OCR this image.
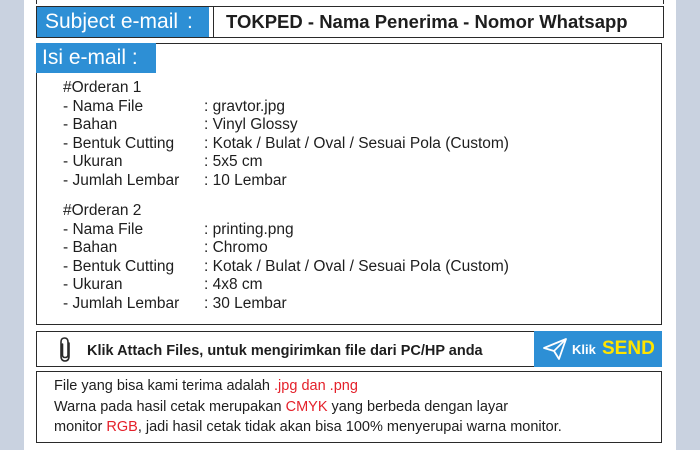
Subject e-mail :	TOKPED - Nama Penerima - Nomor Whatsapp
Isi e-mail :
#Orderan 1
- Nama File	: gravtor.jpg
- Bahan	: Vinyl Glossy
- Bentuk Cutting : Kotak / Bulat / Oval / Sesuai Pola (Custom)
- Ukuran	: 5x5 cm
- Jumlah Lembar : 10 Lembar
#Orderan 2
- Nama File	: printing.png
- Bahan	: Chromo
- Bentuk Cutting : Kotak / Bulat / Oval / Sesuai Pola (Custom)
- Ukuran	: 4x8 cm
- Jumlah Lembar : 30 Lembar
Klik Attach Files, untuk mengirimkan file dari PC/HP anda	Klik SEND
File yang bisa kami terima adalah .jpg dan .png
Warna pada hasil cetak merupakan CMYK yang berbeda dengan layar
monitor RGB, jadi hasil cetak tidak akan bisa 100% menyerupai warna monitor.
